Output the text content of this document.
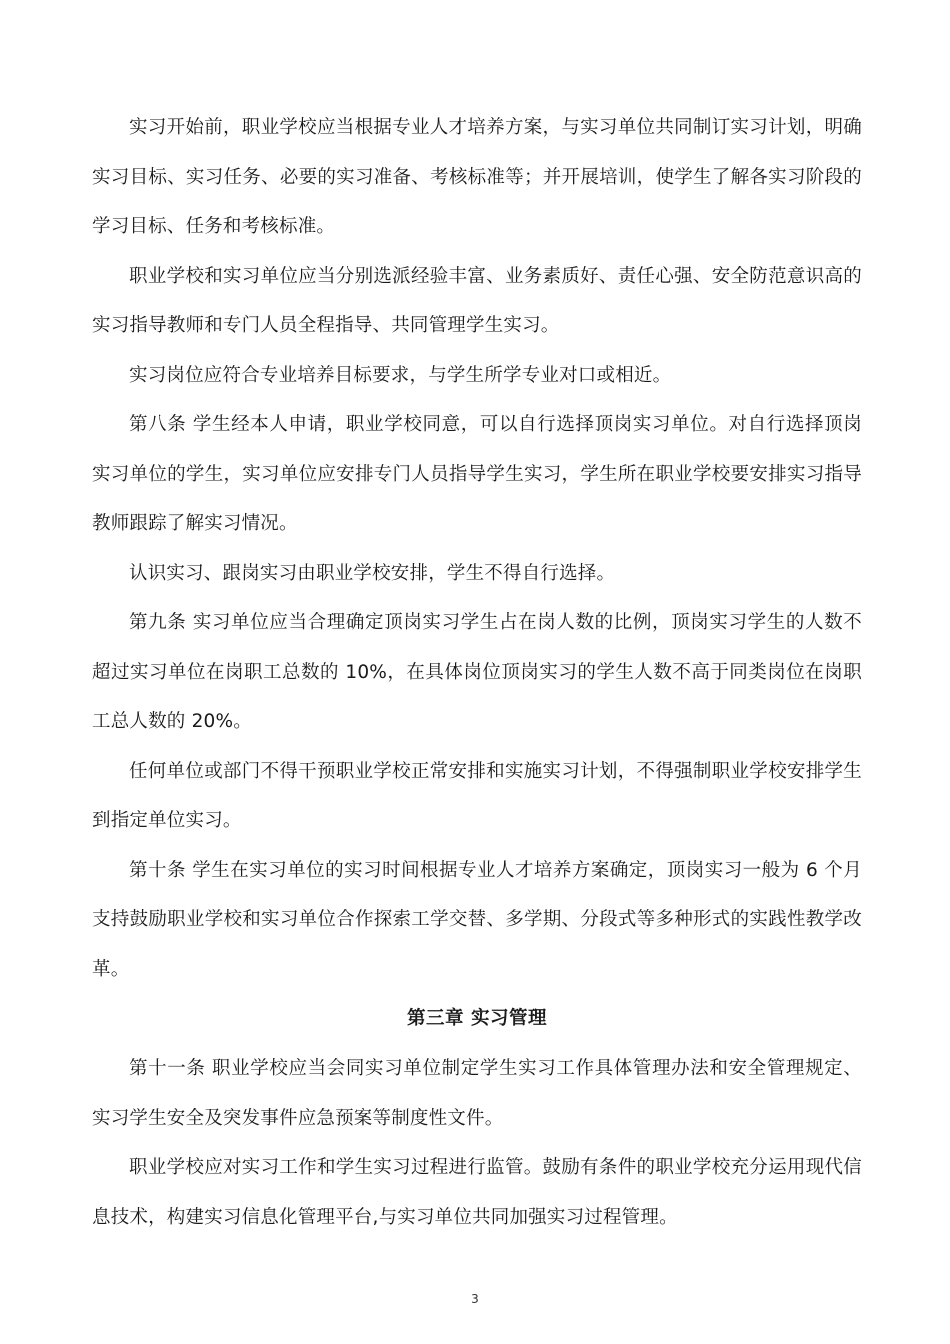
实习开始前，职业学校应当根据专业人才培养方案，与实习单位共同制订实习计划，明确实习目标、实习任务、必要的实习准备、考核标准等；并开展培训，使学生了解各实习阶段的学习目标、任务和考核标准。

职业学校和实习单位应当分别选派经验丰富、业务素质好、责任心强、安全防范意识高的实习指导教师和专门人员全程指导、共同管理学生实习。

实习岗位应符合专业培养目标要求，与学生所学专业对口或相近。

第八条 学生经本人申请，职业学校同意，可以自行选择顶岗实习单位。对自行选择顶岗实习单位的学生，实习单位应安排专门人员指导学生实习，学生所在职业学校要安排实习指导教师跟踪了解实习情况。

认识实习、跟岗实习由职业学校安排，学生不得自行选择。

第九条 实习单位应当合理确定顶岗实习学生占在岗人数的比例，顶岗实习学生的人数不超过实习单位在岗职工总数的 10%，在具体岗位顶岗实习的学生人数不高于同类岗位在岗职工总人数的 20%。

任何单位或部门不得干预职业学校正常安排和实施实习计划，不得强制职业学校安排学生到指定单位实习。

第十条 学生在实习单位的实习时间根据专业人才培养方案确定，顶岗实习一般为 6 个月支持鼓励职业学校和实习单位合作探索工学交替、多学期、分段式等多种形式的实践性教学改革。

第三章 实习管理

第十一条 职业学校应当会同实习单位制定学生实习工作具体管理办法和安全管理规定、实习学生安全及突发事件应急预案等制度性文件。

职业学校应对实习工作和学生实习过程进行监管。鼓励有条件的职业学校充分运用现代信息技术，构建实习信息化管理平台,与实习单位共同加强实习过程管理。

3
